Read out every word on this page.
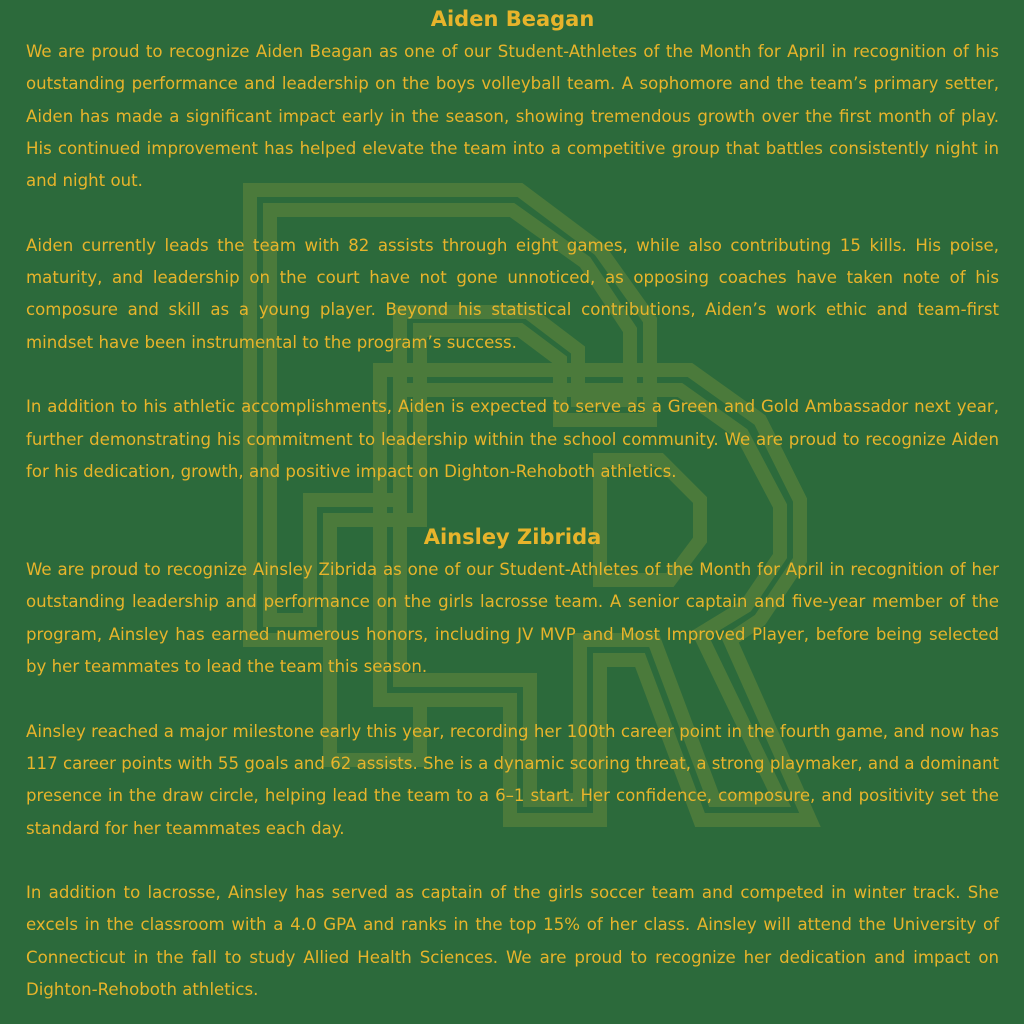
Aiden Beagan

We are proud to recognize Aiden Beagan as one of our Student-Athletes of the Month for April in recognition of his outstanding performance and leadership on the boys volleyball team. A sophomore and the team’s primary setter, Aiden has made a significant impact early in the season, showing tremendous growth over the first month of play. His continued improvement has helped elevate the team into a competitive group that battles consistently night in and night out.

Aiden currently leads the team with 82 assists through eight games, while also contributing 15 kills. His poise, maturity, and leadership on the court have not gone unnoticed, as opposing coaches have taken note of his composure and skill as a young player. Beyond his statistical contributions, Aiden’s work ethic and team-first mindset have been instrumental to the program’s success.

In addition to his athletic accomplishments, Aiden is expected to serve as a Green and Gold Ambassador next year, further demonstrating his commitment to leadership within the school community. We are proud to recognize Aiden for his dedication, growth, and positive impact on Dighton-Rehoboth athletics.

Ainsley Zibrida

We are proud to recognize Ainsley Zibrida as one of our Student-Athletes of the Month for April in recognition of her outstanding leadership and performance on the girls lacrosse team. A senior captain and five-year member of the program, Ainsley has earned numerous honors, including JV MVP and Most Improved Player, before being selected by her teammates to lead the team this season.

Ainsley reached a major milestone early this year, recording her 100th career point in the fourth game, and now has 117 career points with 55 goals and 62 assists. She is a dynamic scoring threat, a strong playmaker, and a dominant presence in the draw circle, helping lead the team to a 6–1 start. Her confidence, composure, and positivity set the standard for her teammates each day.

In addition to lacrosse, Ainsley has served as captain of the girls soccer team and competed in winter track. She excels in the classroom with a 4.0 GPA and ranks in the top 15% of her class. Ainsley will attend the University of Connecticut in the fall to study Allied Health Sciences. We are proud to recognize her dedication and impact on Dighton-Rehoboth athletics.
